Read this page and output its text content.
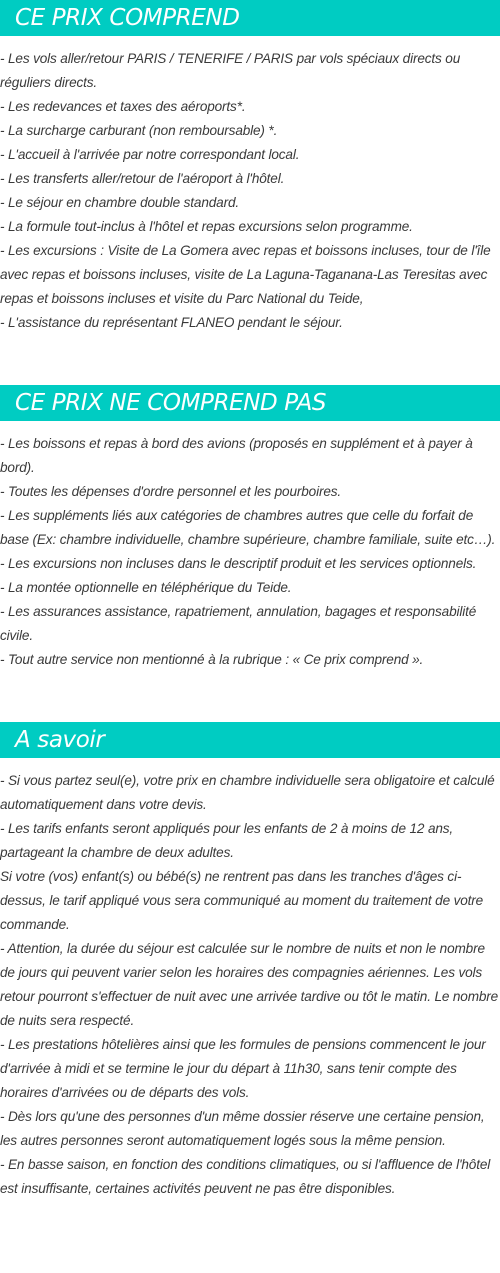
CE PRIX COMPREND
- Les vols aller/retour PARIS / TENERIFE / PARIS par vols spéciaux directs ou réguliers directs.
- Les redevances et taxes des aéroports*.
- La surcharge carburant (non remboursable) *.
- L'accueil à l'arrivée par notre correspondant local.
- Les transferts aller/retour de l'aéroport à l'hôtel.
- Le séjour en chambre double standard.
- La formule tout-inclus à l'hôtel et repas excursions selon programme.
- Les excursions : Visite de La Gomera avec repas et boissons incluses, tour de l'île avec repas et boissons incluses, visite de La Laguna-Taganana-Las Teresitas avec repas et boissons incluses et visite du Parc National du Teide,
- L'assistance du représentant FLANEO pendant le séjour.
CE PRIX NE COMPREND PAS
- Les boissons et repas à bord des avions (proposés en supplément et à payer à bord).
- Toutes les dépenses d'ordre personnel et les pourboires.
- Les suppléments liés aux catégories de chambres autres que celle du forfait de base (Ex: chambre individuelle, chambre supérieure, chambre familiale, suite etc…).
- Les excursions non incluses dans le descriptif produit et les services optionnels.
- La montée optionnelle en téléphérique du Teide.
- Les assurances assistance, rapatriement, annulation, bagages et responsabilité civile.
- Tout autre service non mentionné à la rubrique : « Ce prix comprend ».
A savoir
- Si vous partez seul(e), votre prix en chambre individuelle sera obligatoire et calculé automatiquement dans votre devis.
- Les tarifs enfants seront appliqués pour les enfants de 2 à moins de 12 ans, partageant la chambre de deux adultes.
Si votre (vos) enfant(s) ou bébé(s) ne rentrent pas dans les tranches d'âges ci-dessus, le tarif appliqué vous sera communiqué au moment du traitement de votre commande.
- Attention, la durée du séjour est calculée sur le nombre de nuits et non le nombre de jours qui peuvent varier selon les horaires des compagnies aériennes. Les vols retour pourront s'effectuer de nuit avec une arrivée tardive ou tôt le matin. Le nombre de nuits sera respecté.
- Les prestations hôtelières ainsi que les formules de pensions commencent le jour d'arrivée à midi et se termine le jour du départ à 11h30, sans tenir compte des horaires d'arrivées ou de départs des vols.
- Dès lors qu'une des personnes d'un même dossier réserve une certaine pension, les autres personnes seront automatiquement logés sous la même pension.
- En basse saison, en fonction des conditions climatiques, ou si l'affluence de l'hôtel est insuffisante, certaines activités peuvent ne pas être disponibles.
